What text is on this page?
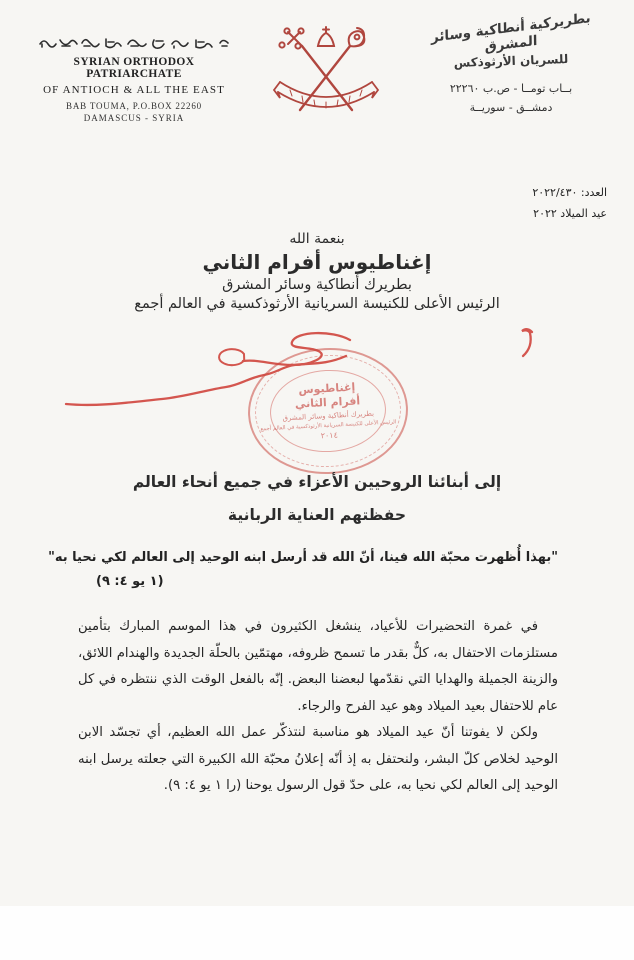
SYRIAN ORTHODOX PATRIARCHATE
OF ANTIOCH & ALL THE EAST
BAB TOUMA, P.O.BOX 22260
DAMASCUS - SYRIA
بطريركية أنطاكية وسائر المشرق
للسريان الأرثوذكس
بــاب تومــا - ص.ب ٢٢٢٦٠
دمشــق - سوريــة
العدد: ٢٠٢٢/٤٣٠
عيد الميلاد ٢٠٢٢
بنعمة الله
إغناطيوس أفرام الثاني
بطريرك أنطاكية وسائر المشرق
الرئيس الأعلى للكنيسة السريانية الأرثوذكسية في العالم أجمع
إغناطيوس
أفرام الثاني
بطريرك أنطاكية وسائر المشرق
الرئيس الأعلى للكنيسة السريانية الأرثوذكسية في العالم أجمع
٢٠١٤
إلى أبنائنا الروحيين الأعزاء في جميع أنحاء العالم
حفظتهم العناية الربانية
"بهذا أُظهرت محبّة الله فينا، أنّ الله قد أرسل ابنه الوحيد إلى العالم لكي نحيا به"
(١ يو ٤: ٩)

في غمرة التحضيرات للأعياد، ينشغل الكثيرون في هذا الموسم المبارك بتأمين مستلزمات الاحتفال به، كلٌّ بقدر ما تسمح ظروفه، مهتمّين بالحلّة الجديدة والهندام اللائق، والزينة الجميلة والهدايا التي نقدّمها لبعضنا البعض. إنّه بالفعل الوقت الذي ننتظره في كل عام للاحتفال بعيد الميلاد وهو عيد الفرح والرجاء.

ولكن لا يفوتنا أنّ عيد الميلاد هو مناسبة لنتذكّر عمل الله العظيم، أي تجسّد الابن الوحيد لخلاص كلّ البشر، ولنحتفل به إذ أنّه إعلانُ محبّة الله الكبيرة التي جعلته يرسل ابنه الوحيد إلى العالم لكي نحيا به، على حدّ قول الرسول يوحنا (را ١ يو ٤: ٩).
